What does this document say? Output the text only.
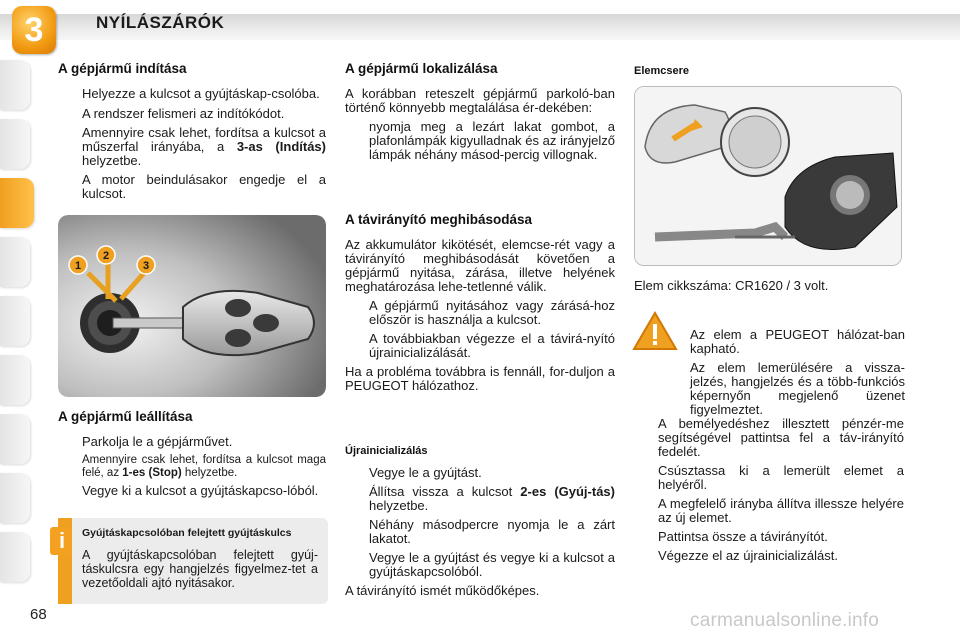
3	NYÍLÁSZÁRÓK
A gépjármű indítása
Helyezze a kulcsot a gyújtáskap-csolóba.
A rendszer felismeri az indítókódot.
Amennyire csak lehet, fordítsa a kulcsot a műszerfal irányába, a 3-as (Indítás) helyzetbe.
A motor beindulásakor engedje el a kulcsot.
1
2
3
A gépjármű leállítása
Parkolja le a gépjárművet.
Amennyire csak lehet, fordítsa a kulcsot maga felé, az 1-es (Stop) helyzetbe.
Vegye ki a kulcsot a gyújtáskapcso-lóból.
i	Gyújtáskapcsolóban felejtett gyújtáskulcs

A gyújtáskapcsolóban felejtett gyúj-táskulcsra egy hangjelzés figyelmez-tet a vezetőoldali ajtó nyitásakor.

A gépjármű lokalizálása

A korábban reteszelt gépjármű parkoló-ban történő könnyebb megtalálása ér-dekében:

nyomja meg a lezárt lakat gombot, a plafonlámpák kigyulladnak és az irányjelző lámpák néhány másod-percig villognak.
A távirányító meghibásodása

Az akkumulátor kikötését, elemcse-rét vagy a távirányító meghibásodását követően a gépjármű nyitása, zárása, illetve helyének meghatározása lehe-tetlenné válik.

A gépjármű nyitásához vagy zárásá-hoz először is használja a kulcsot.
A továbbiakban végezze el a távirá-nyító újrainicializálását.

Ha a probléma továbbra is fennáll, for-duljon a PEUGEOT hálózathoz.

Újrainicializálás
Vegye le a gyújtást.
Állítsa vissza a kulcsot 2-es (Gyúj-tás) helyzetbe.
Néhány másodpercre nyomja le a zárt lakatot.
Vegye le a gyújtást és vegye ki a kulcsot a gyújtáskapcsolóból.

A távirányító ismét működőképes.

Elemcsere

Elem cikkszáma: CR1620 / 3 volt.

Az elem a PEUGEOT hálózat-ban kapható.

Az elem lemerülésére a vissza-jelzés, hangjelzés és a több-funkciós képernyőn megjelenő üzenet figyelmeztet.

A bemélyedéshez illesztett pénzér-me segítségével pattintsa fel a táv-irányító fedelét.
Csúsztassa ki a lemerült elemet a helyéről.
A megfelelő irányba állítva illessze helyére az új elemet.
Pattintsa össze a távirányítót.
Végezze el az újrainicializálást.
68	carmanualsonline.info
